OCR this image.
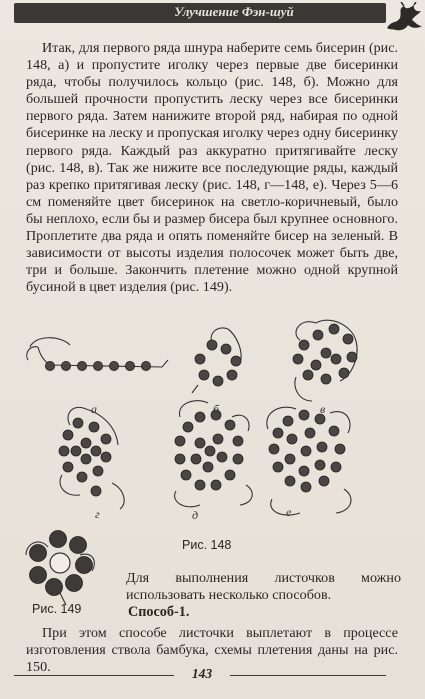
Улучшение Фэн-шуй

Итак, для первого ряда шнура наберите семь бисерин (рис. 148, а) и пропустите иголку через первые две бисеринки ряда, чтобы получилось кольцо (рис. 148, б). Можно для большей прочности пропустить леску через все бисеринки первого ряда. Затем нанижите второй ряд, набирая по одной бисеринке на леску и пропуская иголку через одну бисеринку первого ряда. Каждый раз аккуратно притягивайте леску (рис. 148, в). Так же нижите все последующие ряды, каждый раз крепко притягивая леску (рис. 148, г—148, е). Через 5—6 см поменяйте цвет бисеринок на светло-коричневый, было бы неплохо, если бы и размер бисера был крупнее основного. Проплетите два ряда и опять поменяйте бисер на зеленый. В зависимости от высоты изделия полосочек может быть две, три и больше. Закончить плетение можно одной крупной бусиной в цвет изделия (рис. 149).

а	б	в
г	д	е
Рис. 148
Рис. 149

Для выполнения листочков можно использовать несколько способов.

Способ-1.

При этом способе листочки выплетают в процессе изготовления ствола бамбука, схемы плетения даны на рис. 150.	143
